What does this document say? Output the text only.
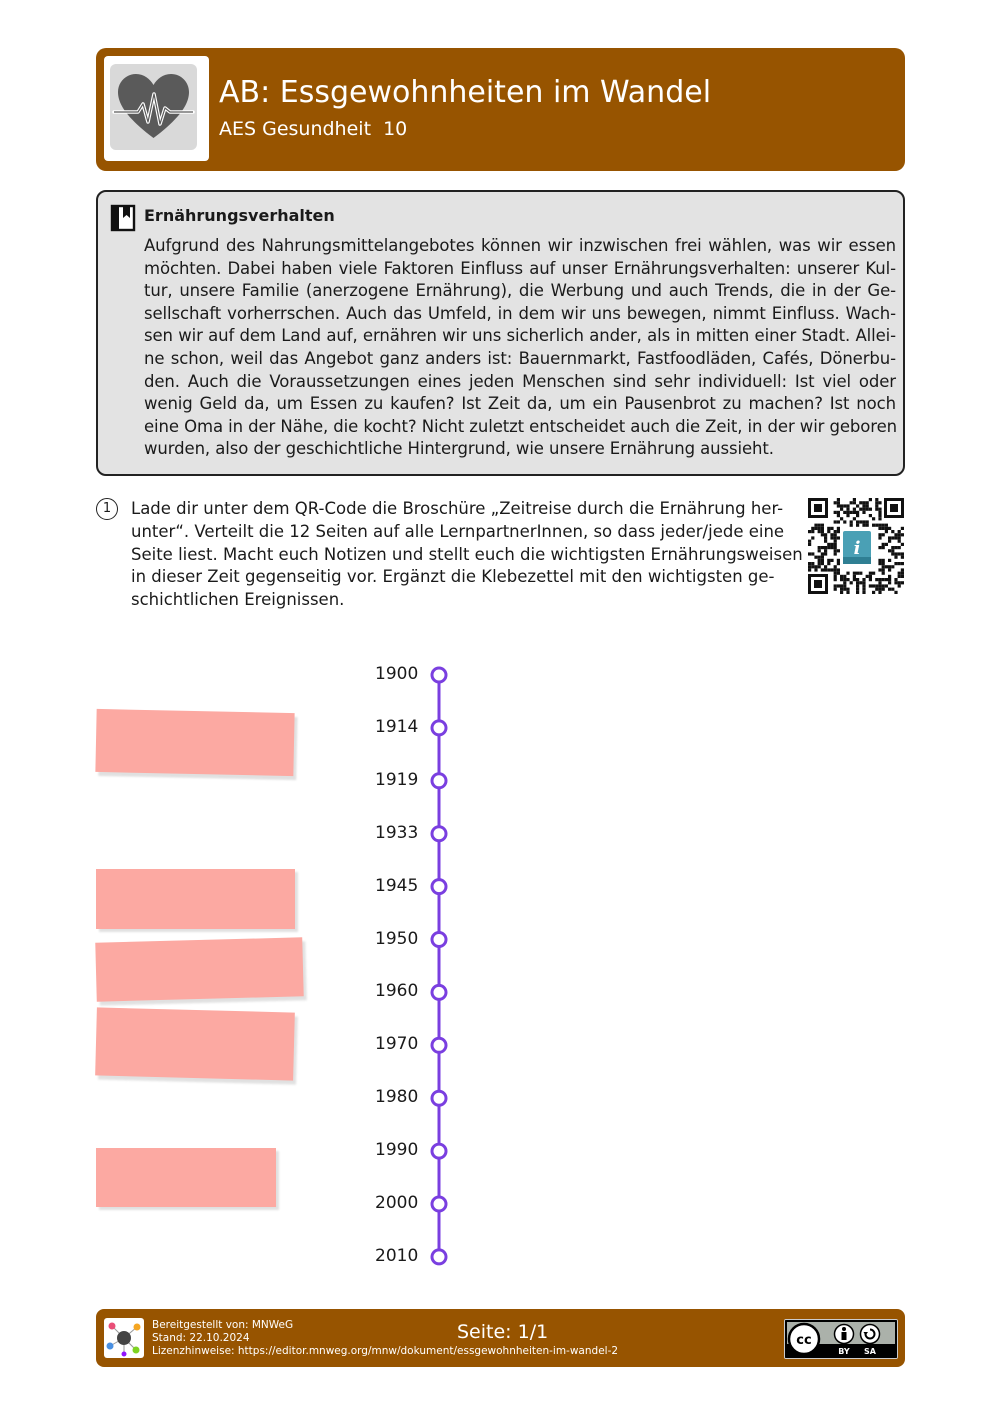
AB: Essgewohnheiten im Wandel
AES Gesundheit  10
Ernährungsverhalten
Aufgrund des Nahrungsmittelangebotes können wir inzwischen frei wählen, was wir essen
möchten. Dabei haben viele Faktoren Einfluss auf unser Ernährungsverhalten: unserer Kul-
tur, unsere Familie (anerzogene Ernährung), die Werbung und auch Trends, die in der Ge-
sellschaft vorherrschen. Auch das Umfeld, in dem wir uns bewegen, nimmt Einfluss. Wach-
sen wir auf dem Land auf, ernähren wir uns sicherlich ander, als in mitten einer Stadt. Allei-
ne schon, weil das Angebot ganz anders ist: Bauernmarkt, Fastfoodläden, Cafés, Dönerbu-
den. Auch die Voraussetzungen eines jeden Menschen sind sehr individuell: Ist viel oder
wenig Geld da, um Essen zu kaufen? Ist Zeit da, um ein Pausenbrot zu machen? Ist noch
eine Oma in der Nähe, die kocht? Nicht zuletzt entscheidet auch die Zeit, in der wir geboren
wurden, also der geschichtliche Hintergrund, wie unsere Ernährung aussieht.
1	Lade dir unter dem QR-Code die Broschüre „Zeitreise durch die Ernährung her-
unter“. Verteilt die 12 Seiten auf alle LernpartnerInnen, so dass jeder/jede eine
Seite liest. Macht euch Notizen und stellt euch die wichtigsten Ernährungsweisen
in dieser Zeit gegenseitig vor. Ergänzt die Klebezettel mit den wichtigsten ge-
schichtlichen Ereignissen.
i
1900
1914
1919
1933
1945
1950
1960
1970
1980
1990
2000
2010
Bereitgestellt von: MNWeG
Stand: 22.10.2024
Lizenzhinweise: https://editor.mnweg.org/mnw/dokument/essgewohnheiten-im-wandel-2
Seite: 1/1	cc
BY SA
